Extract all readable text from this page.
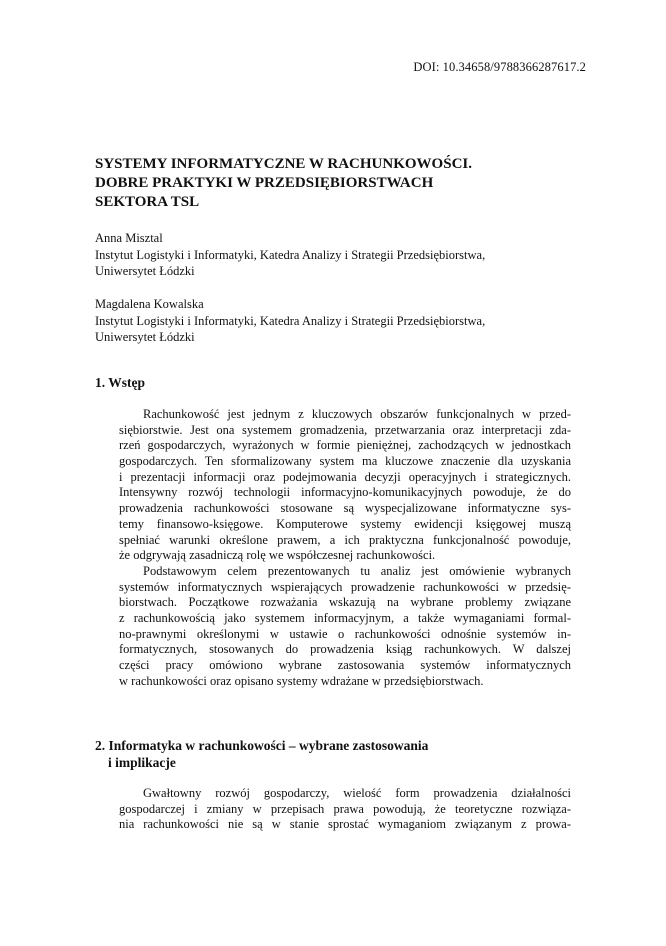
DOI: 10.34658/9788366287617.2
SYSTEMY INFORMATYCZNE W RACHUNKOWOŚCI.
DOBRE PRAKTYKI W PRZEDSIĘBIORSTWACH
SEKTORA TSL
Anna Misztal
Instytut Logistyki i Informatyki, Katedra Analizy i Strategii Przedsiębiorstwa,
Uniwersytet Łódzki
Magdalena Kowalska
Instytut Logistyki i Informatyki, Katedra Analizy i Strategii Przedsiębiorstwa,
Uniwersytet Łódzki
1. Wstęp

Rachunkowość jest jednym z kluczowych obszarów funkcjonalnych w przed-
siębiorstwie. Jest ona systemem gromadzenia, przetwarzania oraz interpretacji zda-
rzeń gospodarczych, wyrażonych w formie pieniężnej, zachodzących w jednostkach
gospodarczych. Ten sformalizowany system ma kluczowe znaczenie dla uzyskania
i prezentacji informacji oraz podejmowania decyzji operacyjnych i strategicznych.
Intensywny rozwój technologii informacyjno-komunikacyjnych powoduje, że do
prowadzenia rachunkowości stosowane są wyspecjalizowane informatyczne sys-
temy finansowo-księgowe. Komputerowe systemy ewidencji księgowej muszą
spełniać warunki określone prawem, a ich praktyczna funkcjonalność powoduje,
że odgrywają zasadniczą rolę we współczesnej rachunkowości.

Podstawowym celem prezentowanych tu analiz jest omówienie wybranych
systemów informatycznych wspierających prowadzenie rachunkowości w przedsię-
biorstwach. Początkowe rozważania wskazują na wybrane problemy związane
z rachunkowością jako systemem informacyjnym, a także wymaganiami formal-
no-prawnymi określonymi w ustawie o rachunkowości odnośnie systemów in-
formatycznych, stosowanych do prowadzenia ksiąg rachunkowych. W dalszej
części pracy omówiono wybrane zastosowania systemów informatycznych
w rachunkowości oraz opisano systemy wdrażane w przedsiębiorstwach.

2. Informatyka w rachunkowości – wybrane zastosowania
i implikacje

Gwałtowny rozwój gospodarczy, wielość form prowadzenia działalności
gospodarczej i zmiany w przepisach prawa powodują, że teoretyczne rozwiąza-
nia rachunkowości nie są w stanie sprostać wymaganiom związanym z prowa-
